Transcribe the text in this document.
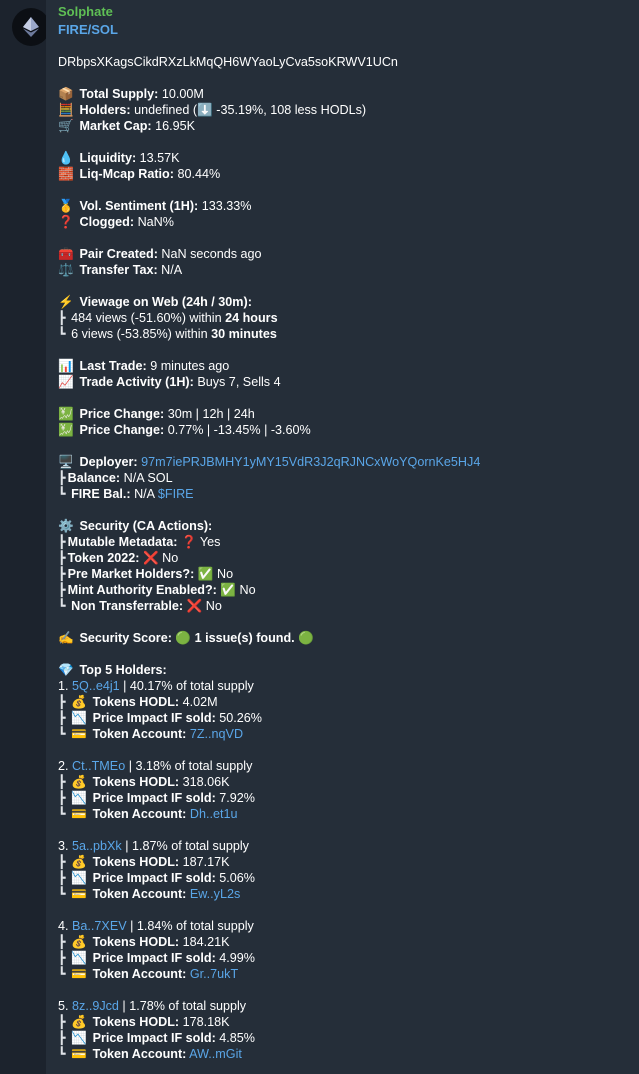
Solphate
FIRE/SOL
DRbpsXKagsCikdRXzLkMqQH6WYaoLyCva5soKRWV1UCn
📦 Total Supply: 10.00M
🧮 Holders: undefined (⬇️ -35.19%, 108 less HODLs)
🛒 Market Cap: 16.95K
💧 Liquidity: 13.57K
🧱 Liq-Mcap Ratio: 80.44%
🥇 Vol. Sentiment (1H): 133.33%
❓ Clogged: NaN%
🧰 Pair Created: NaN seconds ago
⚖️ Transfer Tax: N/A
⚡ Viewage on Web (24h / 30m):
┣ 484 views (-51.60%) within 24 hours
┗ 6 views (-53.85%) within 30 minutes
📊 Last Trade: 9 minutes ago
📈 Trade Activity (1H): Buys 7, Sells 4
💹 Price Change: 30m | 12h | 24h
💹 Price Change: 0.77% | -13.45% | -3.60%
🖥️ Deployer: 97m7iePRJBMHY1yMY15VdR3J2qRJNCxWoYQornKe5HJ4
┣ Balance: N/A SOL
┗ FIRE Bal.: N/A $FIRE
⚙️ Security (CA Actions):
┣ Mutable Metadata: ❓ Yes
┣ Token 2022: ❌ No
┣ Pre Market Holders?: ✅ No
┣ Mint Authority Enabled?: ✅ No
┗ Non Transferrable: ❌ No
✍️ Security Score: 🟢 1 issue(s) found. 🟢
💎 Top 5 Holders:
1. 5Q..e4j1 | 40.17% of total supply
┣ 💰 Tokens HODL: 4.02M
┣ 📉 Price Impact IF sold: 50.26%
┗ 💳 Token Account: 7Z..nqVD
2. Ct..TMEo | 3.18% of total supply
┣ 💰 Tokens HODL: 318.06K
┣ 📉 Price Impact IF sold: 7.92%
┗ 💳 Token Account: Dh..et1u
3. 5a..pbXk | 1.87% of total supply
┣ 💰 Tokens HODL: 187.17K
┣ 📉 Price Impact IF sold: 5.06%
┗ 💳 Token Account: Ew..yL2s
4. Ba..7XEV | 1.84% of total supply
┣ 💰 Tokens HODL: 184.21K
┣ 📉 Price Impact IF sold: 4.99%
┗ 💳 Token Account: Gr..7ukT
5. 8z..9Jcd | 1.78% of total supply
┣ 💰 Tokens HODL: 178.18K
┣ 📉 Price Impact IF sold: 4.85%
┗ 💳 Token Account: AW..mGit
